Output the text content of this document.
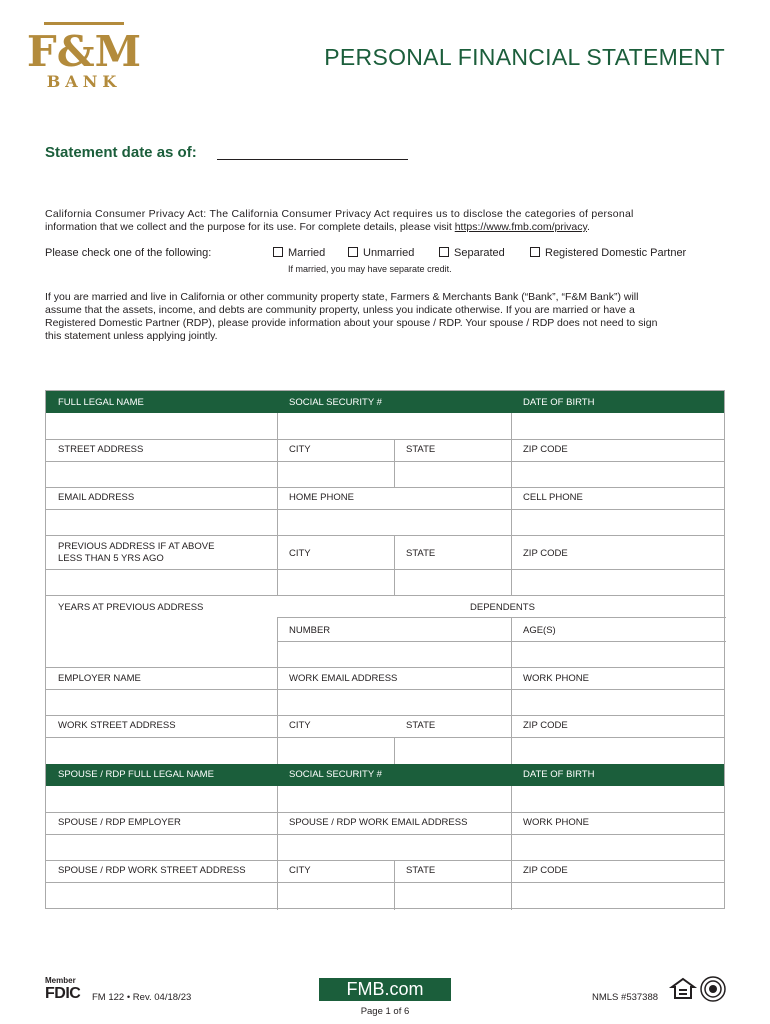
F&M
BANK
PERSONAL FINANCIAL STATEMENT
Statement date as of:
California Consumer Privacy Act: The California Consumer Privacy Act requires us to disclose the categories of personal
information that we collect and the purpose for its use. For complete details, please visit https://www.fmb.com/privacy.
Please check one of the following:	Married	Unmarried	Separated	Registered Domestic Partner
If married, you may have separate credit.
If you are married and live in California or other community property state, Farmers & Merchants Bank (“Bank”, “F&M Bank”) will
assume that the assets, income, and debts are community property, unless you indicate otherwise. If you are married or have a
Registered Domestic Partner (RDP), please provide information about your spouse / RDP. Your spouse / RDP does not need to sign
this statement unless applying jointly.
FULL LEGAL NAME	SOCIAL SECURITY #	DATE OF BIRTH
STREET ADDRESS	CITY	STATE	ZIP CODE
EMAIL ADDRESS	HOME PHONE	CELL PHONE
PREVIOUS ADDRESS IF AT ABOVE
LESS THAN 5 YRS AGO	CITY	STATE	ZIP CODE
YEARS AT PREVIOUS ADDRESS	DEPENDENTS
NUMBER	AGE(S)
EMPLOYER NAME	WORK EMAIL ADDRESS	WORK PHONE
WORK STREET ADDRESS	CITY	STATE	ZIP CODE
SPOUSE / RDP FULL LEGAL NAME	SOCIAL SECURITY #	DATE OF BIRTH
SPOUSE / RDP EMPLOYER	SPOUSE / RDP WORK EMAIL ADDRESS	WORK PHONE
SPOUSE / RDP WORK STREET ADDRESS	CITY	STATE	ZIP CODE
Member
FDIC FM 122 • Rev. 04/18/23	FMB.com
Page 1 of 6
NMLS #537388
